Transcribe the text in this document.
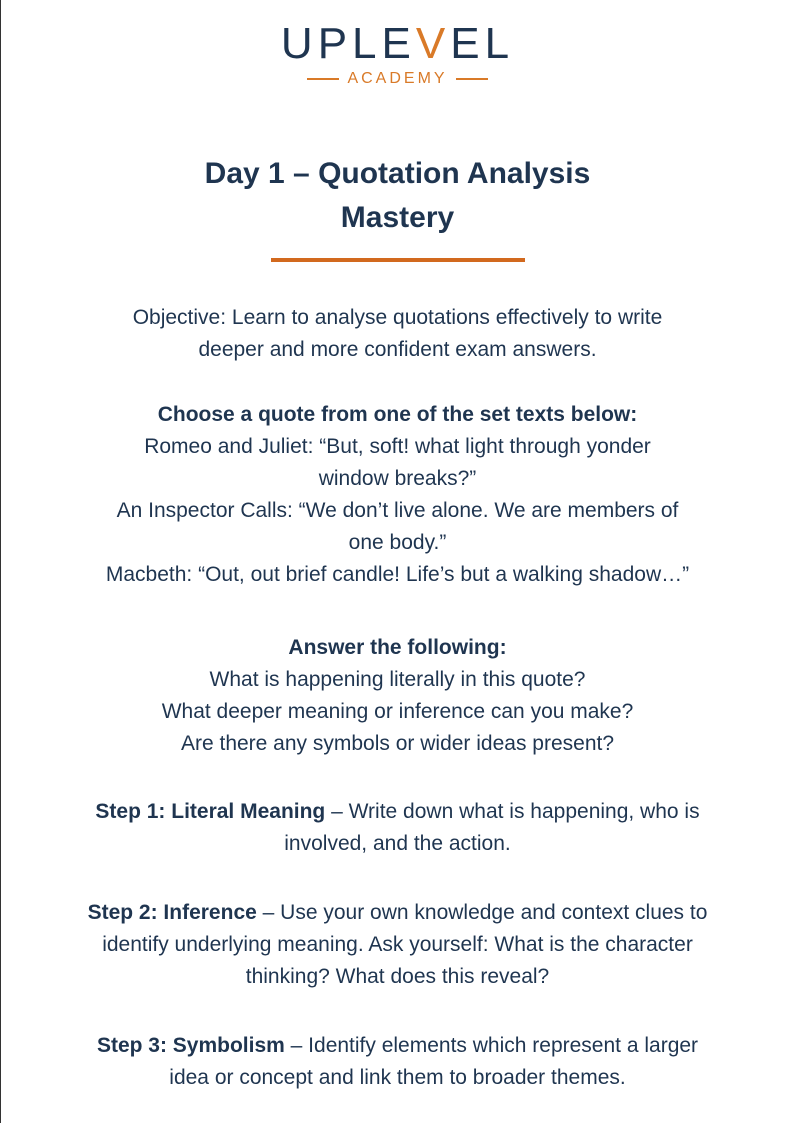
UPLEVEL
ACADEMY
Day 1 – Quotation Analysis
Mastery
Objective: Learn to analyse quotations effectively to write
deeper and more confident exam answers.
Choose a quote from one of the set texts below:
Romeo and Juliet: “But, soft! what light through yonder
window breaks?”
An Inspector Calls: “We don’t live alone. We are members of
one body.”
Macbeth: “Out, out brief candle! Life’s but a walking shadow…”
Answer the following:
What is happening literally in this quote?
What deeper meaning or inference can you make?
Are there any symbols or wider ideas present?
Step 1: Literal Meaning – Write down what is happening, who is
involved, and the action.
Step 2: Inference – Use your own knowledge and context clues to
identify underlying meaning. Ask yourself: What is the character
thinking? What does this reveal?
Step 3: Symbolism – Identify elements which represent a larger
idea or concept and link them to broader themes.
